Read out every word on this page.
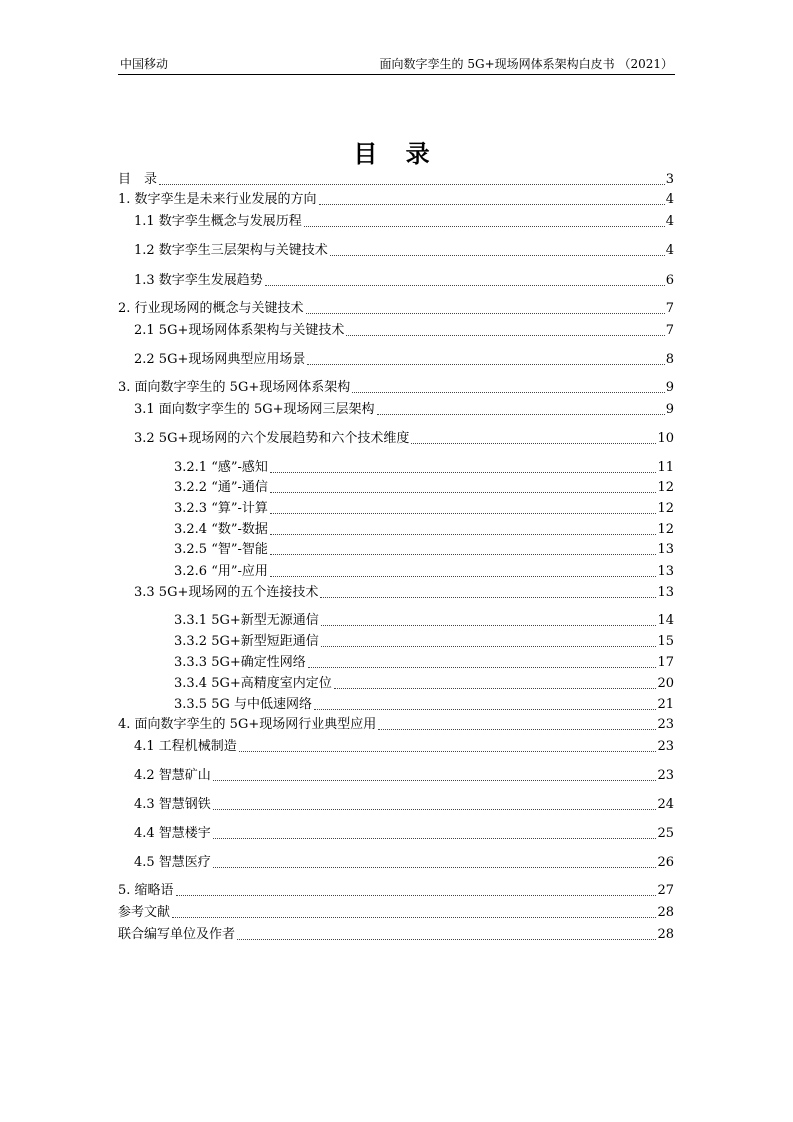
中国移动	面向数字孪生的 5G+现场网体系架构白皮书 （2021）
目 录
目　录	3
1. 数字孪生是未来行业发展的方向	4
1.1 数字孪生概念与发展历程	4
1.2 数字孪生三层架构与关键技术	4
1.3 数字孪生发展趋势	6
2. 行业现场网的概念与关键技术	7
2.1 5G+现场网体系架构与关键技术	7
2.2 5G+现场网典型应用场景	8
3. 面向数字孪生的 5G+现场网体系架构	9
3.1 面向数字孪生的 5G+现场网三层架构	9
3.2 5G+现场网的六个发展趋势和六个技术维度	10
3.2.1 “感”-感知	11
3.2.2 “通”-通信	12
3.2.3 “算”-计算	12
3.2.4 “数”-数据	12
3.2.5 “智”-智能	13
3.2.6 “用”-应用	13
3.3 5G+现场网的五个连接技术	13
3.3.1 5G+新型无源通信	14
3.3.2 5G+新型短距通信	15
3.3.3 5G+确定性网络	17
3.3.4 5G+高精度室内定位	20
3.3.5 5G 与中低速网络	21
4. 面向数字孪生的 5G+现场网行业典型应用	23
4.1 工程机械制造	23
4.2 智慧矿山	23
4.3 智慧钢铁	24
4.4 智慧楼宇	25
4.5 智慧医疗	26
5. 缩略语	27
参考文献	28
联合编写单位及作者	28
